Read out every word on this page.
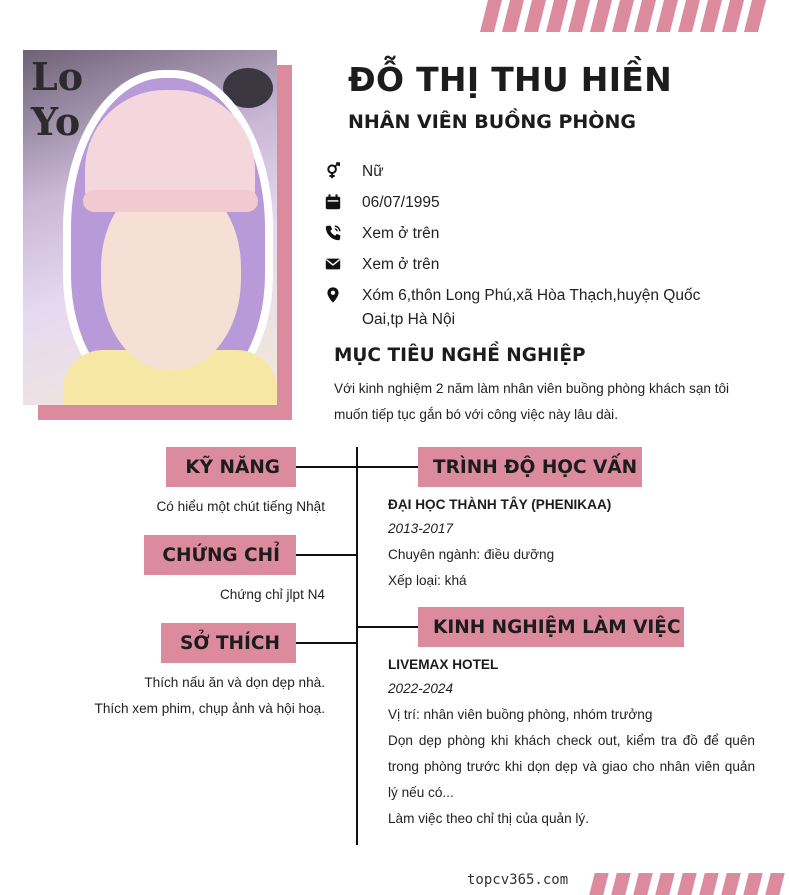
Lo
Yo
ĐỖ THỊ THU HIỀN
NHÂN VIÊN BUỒNG PHÒNG
Nữ
06/07/1995
Xem ở trên
Xem ở trên
Xóm 6,thôn Long Phú,xã Hòa Thạch,huyện Quốc Oai,tp Hà Nội
MỤC TIÊU NGHỀ NGHIỆP
Với kinh nghiệm 2 năm làm nhân viên buồng phòng khách sạn tôi muốn tiếp tục gắn bó với công việc này lâu dài.
KỸ NĂNG
Có hiểu một chút tiếng Nhật
CHỨNG CHỈ
Chứng chỉ jlpt N4
SỞ THÍCH
Thích nấu ăn và dọn dẹp nhà.
Thích xem phim, chụp ảnh và hội hoạ.
TRÌNH ĐỘ HỌC VẤN
ĐẠI HỌC THÀNH TÂY (PHENIKAA)
2013-2017
Chuyên ngành: điều dưỡng
Xếp loại: khá
KINH NGHIỆM LÀM VIỆC
LIVEMAX HOTEL
2022-2024
Vị trí: nhân viên buồng phòng, nhóm trưởng
Dọn dẹp phòng khi khách check out, kiểm tra đồ để quên trong phòng trước khi dọn dẹp và giao cho nhân viên quản lý nếu có...
Làm việc theo chỉ thị của quản lý.
topcv365.com
